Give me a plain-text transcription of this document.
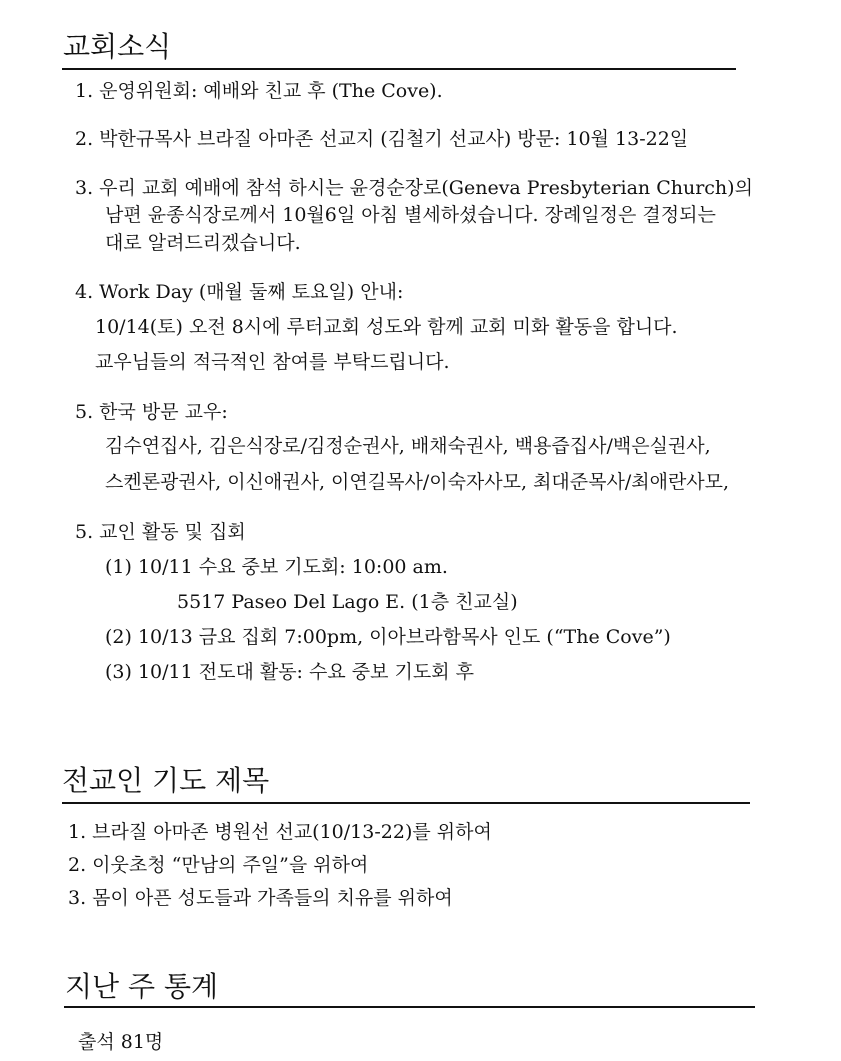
교회소식
1. 운영위원회: 예배와 친교 후 (The Cove).
2. 박한규목사 브라질 아마존 선교지 (김철기 선교사) 방문: 10월 13-22일
3. 우리 교회 예배에 참석 하시는 윤경순장로(Geneva Presbyterian Church)의
남편 윤종식장로께서 10월6일 아침 별세하셨습니다. 장례일정은 결정되는
대로 알려드리겠습니다.
4. Work Day (매월 둘째 토요일) 안내:
10/14(토) 오전 8시에 루터교회 성도와 함께 교회 미화 활동을 합니다.
교우님들의 적극적인 참여를 부탁드립니다.
5. 한국 방문 교우:
김수연집사, 김은식장로/김정순권사, 배채숙권사, 백용즙집사/백은실권사,
스켄론광권사, 이신애권사, 이연길목사/이숙자사모, 최대준목사/최애란사모,
5. 교인 활동 및 집회
(1) 10/11 수요 중보 기도회: 10:00 am.
5517 Paseo Del Lago E. (1층 친교실)
(2) 10/13 금요 집회 7:00pm, 이아브라함목사 인도 (“The Cove”)
(3) 10/11 전도대 활동: 수요 중보 기도회 후
전교인 기도 제목
1. 브라질 아마존 병원선 선교(10/13-22)를 위하여
2. 이웃초청 “만남의 주일”을 위하여
3. 몸이 아픈 성도들과 가족들의 치유를 위하여
지난 주 통계
출석 81명
